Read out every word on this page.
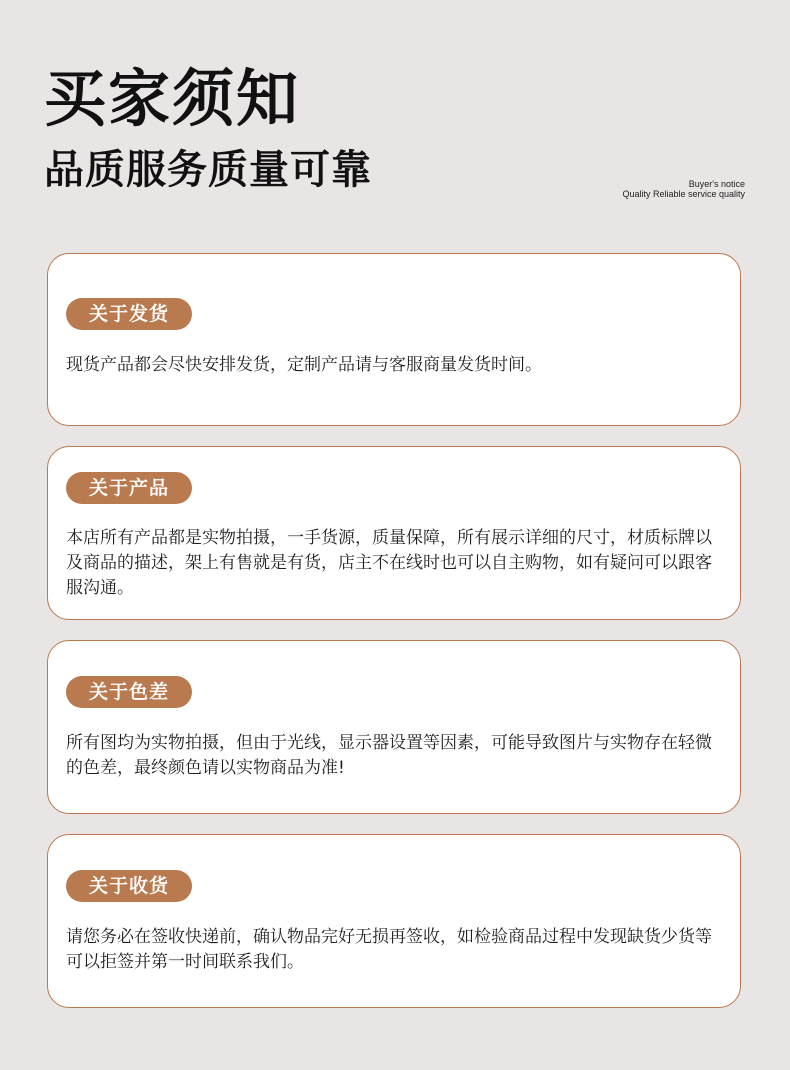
买家须知
品质服务质量可靠	Buyer's notice
Quality Reliable service quality
关于发货

现货产品都会尽快安排发货，定制产品请与客服商量发货时间。

关于产品

本店所有产品都是实物拍摄，一手货源，质量保障，所有展示详细的尺寸，材质标牌以及商品的描述，架上有售就是有货，店主不在线时也可以自主购物，如有疑问可以跟客服沟通。

关于色差

所有图均为实物拍摄，但由于光线，显示器设置等因素，可能导致图片与实物存在轻微的色差，最终颜色请以实物商品为准!

关于收货

请您务必在签收快递前，确认物品完好无损再签收，如检验商品过程中发现缺货少货等可以拒签并第一时间联系我们。
